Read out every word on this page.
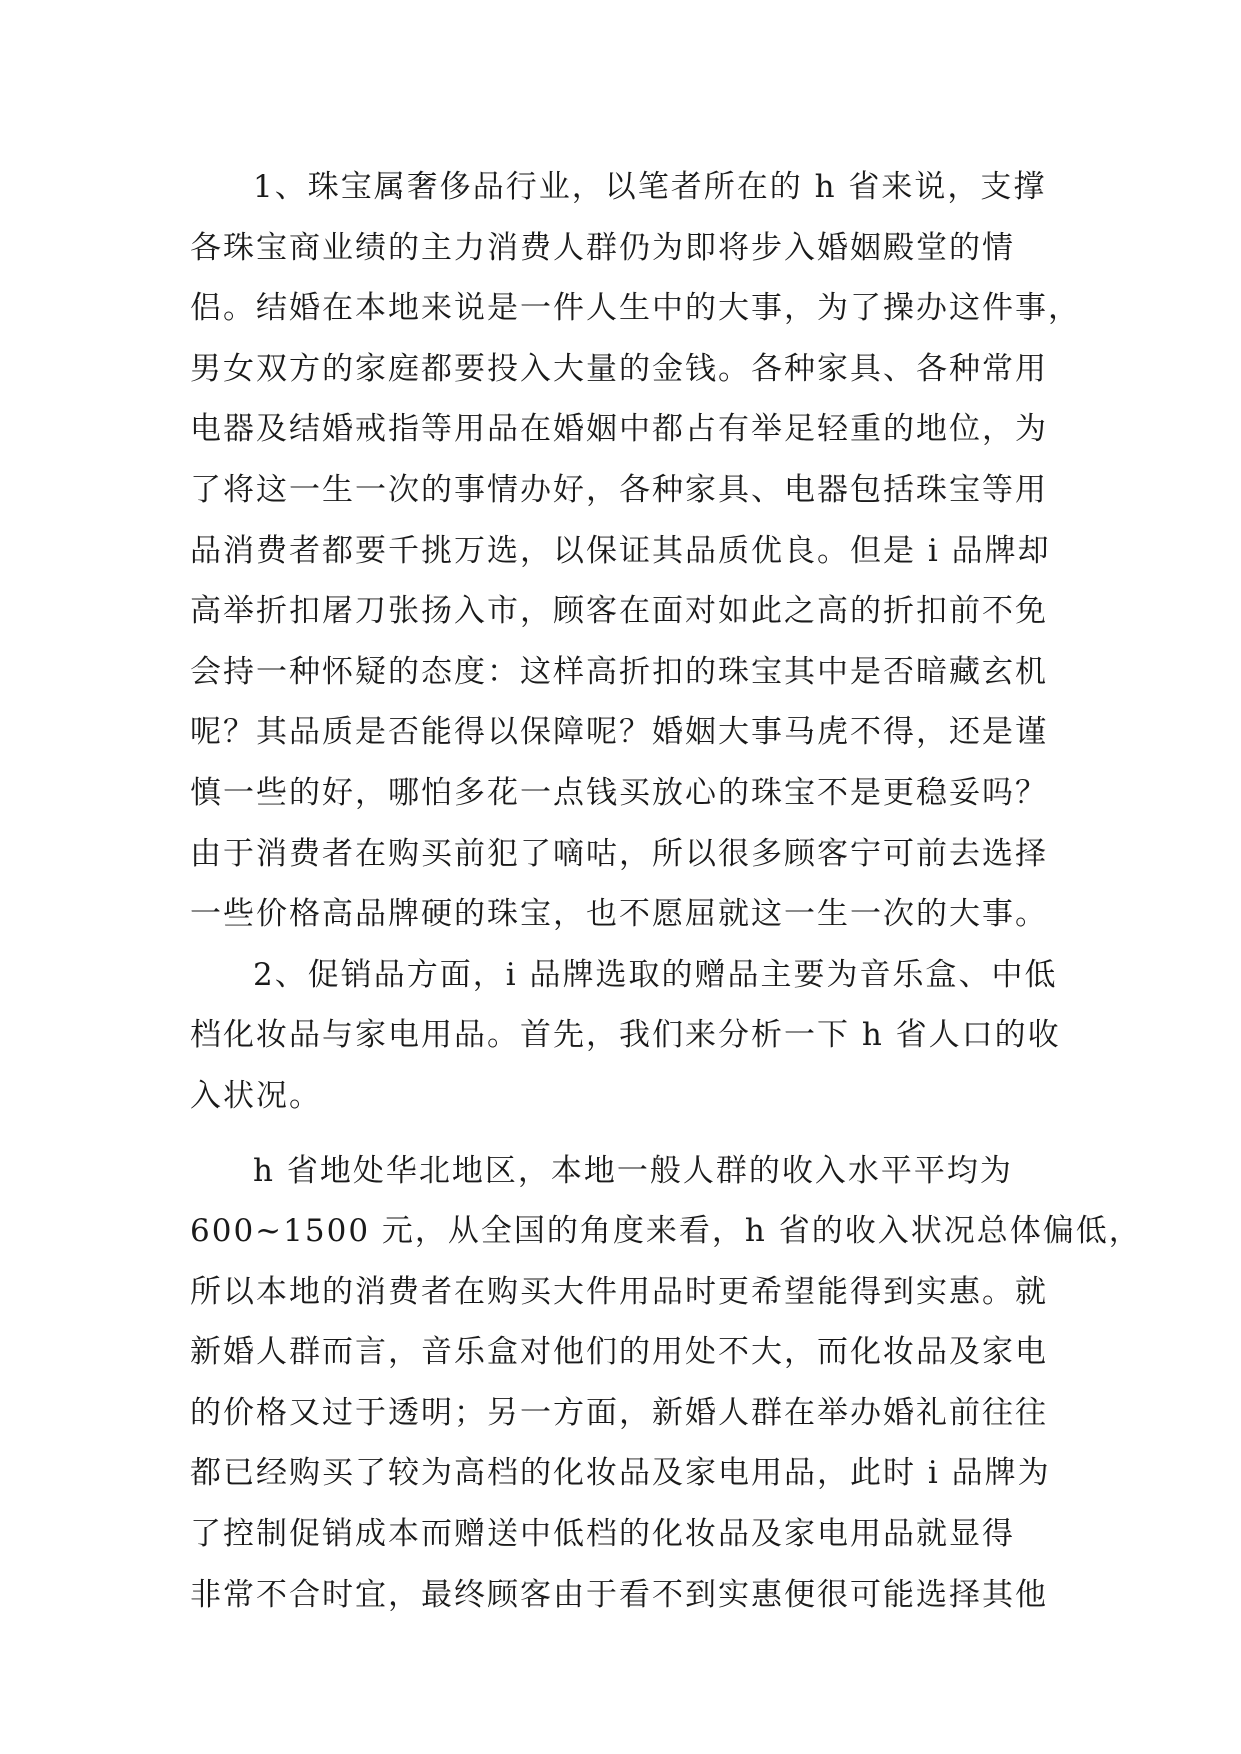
1、珠宝属奢侈品行业，以笔者所在的 h 省来说，支撑
各珠宝商业绩的主力消费人群仍为即将步入婚姻殿堂的情
侣。结婚在本地来说是一件人生中的大事，为了操办这件事，
男女双方的家庭都要投入大量的金钱。各种家具、各种常用
电器及结婚戒指等用品在婚姻中都占有举足轻重的地位，为
了将这一生一次的事情办好，各种家具、电器包括珠宝等用
品消费者都要千挑万选，以保证其品质优良。但是 i 品牌却
高举折扣屠刀张扬入市，顾客在面对如此之高的折扣前不免
会持一种怀疑的态度：这样高折扣的珠宝其中是否暗藏玄机
呢？其品质是否能得以保障呢？婚姻大事马虎不得，还是谨
慎一些的好，哪怕多花一点钱买放心的珠宝不是更稳妥吗？
由于消费者在购买前犯了嘀咕，所以很多顾客宁可前去选择
一些价格高品牌硬的珠宝，也不愿屈就这一生一次的大事。
2、促销品方面，i 品牌选取的赠品主要为音乐盒、中低
档化妆品与家电用品。首先，我们来分析一下 h 省人口的收
入状况。
h 省地处华北地区，本地一般人群的收入水平平均为
600~1500 元，从全国的角度来看，h 省的收入状况总体偏低，
所以本地的消费者在购买大件用品时更希望能得到实惠。就
新婚人群而言，音乐盒对他们的用处不大，而化妆品及家电
的价格又过于透明；另一方面，新婚人群在举办婚礼前往往
都已经购买了较为高档的化妆品及家电用品，此时 i 品牌为
了控制促销成本而赠送中低档的化妆品及家电用品就显得
非常不合时宜，最终顾客由于看不到实惠便很可能选择其他
